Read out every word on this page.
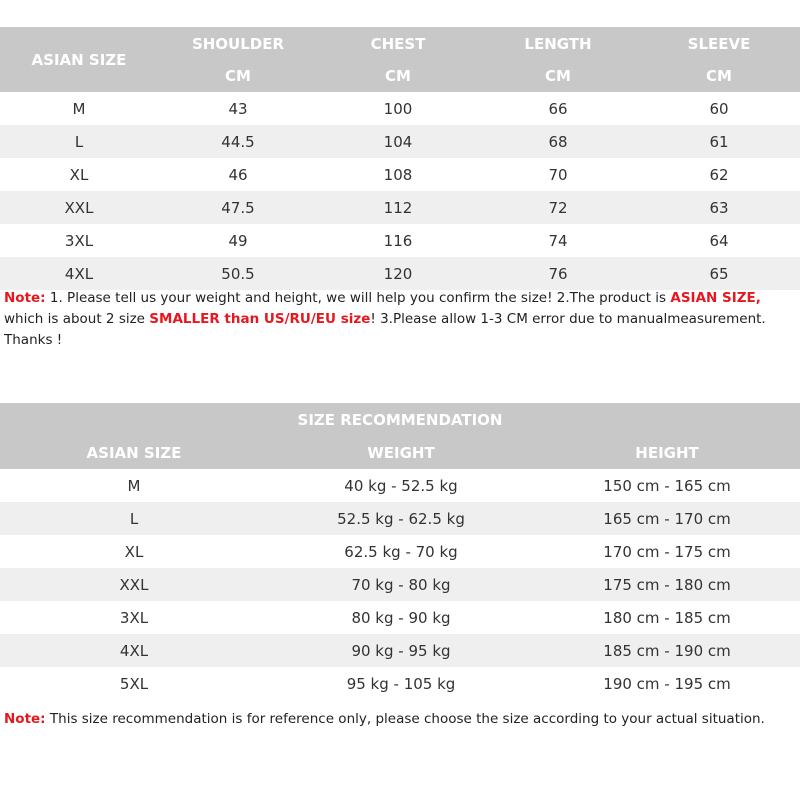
ASIAN SIZE	SHOULDER	CHEST	LENGTH	SLEEVE
	CM	CM	CM	CM
M	43	100	66	60
L	44.5	104	68	61
XL	46	108	70	62
XXL	47.5	112	72	63
3XL	49	116	74	64
4XL	50.5	120	76	65
Note: 1. Please tell us your weight and height, we will help you confirm the size! 2.The product is ASIAN SIZE, which is about 2 size SMALLER than US/RU/EU size! 3.Please allow 1-3 CM error due to manualmeasurement. Thanks !
SIZE RECOMMENDATION		
ASIAN SIZE	WEIGHT	HEIGHT
M	40 kg - 52.5 kg	150 cm - 165 cm
L	52.5 kg - 62.5 kg	165 cm - 170 cm
XL	62.5 kg - 70 kg	170 cm - 175 cm
XXL	70 kg - 80 kg	175 cm - 180 cm
3XL	80 kg - 90 kg	180 cm - 185 cm
4XL	90 kg - 95 kg	185 cm - 190 cm
5XL	95 kg - 105 kg	190 cm - 195 cm
Note: This size recommendation is for reference only, please choose the size according to your actual situation.
